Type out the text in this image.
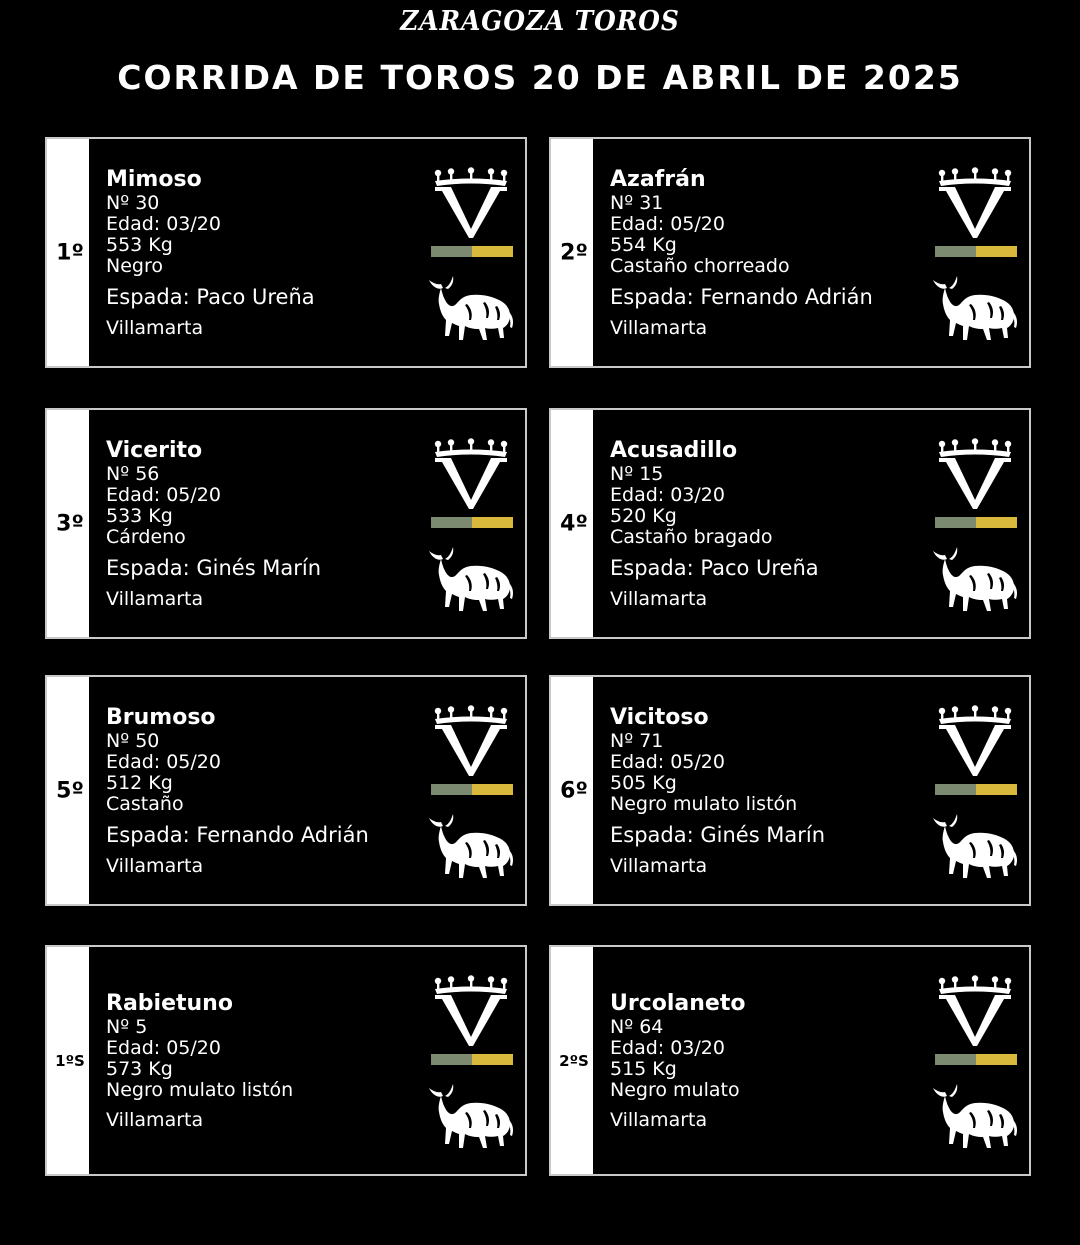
ZARAGOZA TOROS
CORRIDA DE TOROS 20 DE ABRIL DE 2025
1º
Mimoso
Nº 30
Edad: 03/20
553 Kg
Negro
Espada: Paco Ureña
Villamarta
2º
Azafrán
Nº 31
Edad: 05/20
554 Kg
Castaño chorreado
Espada: Fernando Adrián
Villamarta
3º
Vicerito
Nº 56
Edad: 05/20
533 Kg
Cárdeno
Espada: Ginés Marín
Villamarta
4º
Acusadillo
Nº 15
Edad: 03/20
520 Kg
Castaño bragado
Espada: Paco Ureña
Villamarta
5º
Brumoso
Nº 50
Edad: 05/20
512 Kg
Castaño
Espada: Fernando Adrián
Villamarta
6º
Vicitoso
Nº 71
Edad: 05/20
505 Kg
Negro mulato listón
Espada: Ginés Marín
Villamarta
1ºS
Rabietuno
Nº 5
Edad: 05/20
573 Kg
Negro mulato listón
Villamarta
2ºS
Urcolaneto
Nº 64
Edad: 03/20
515 Kg
Negro mulato
Villamarta
